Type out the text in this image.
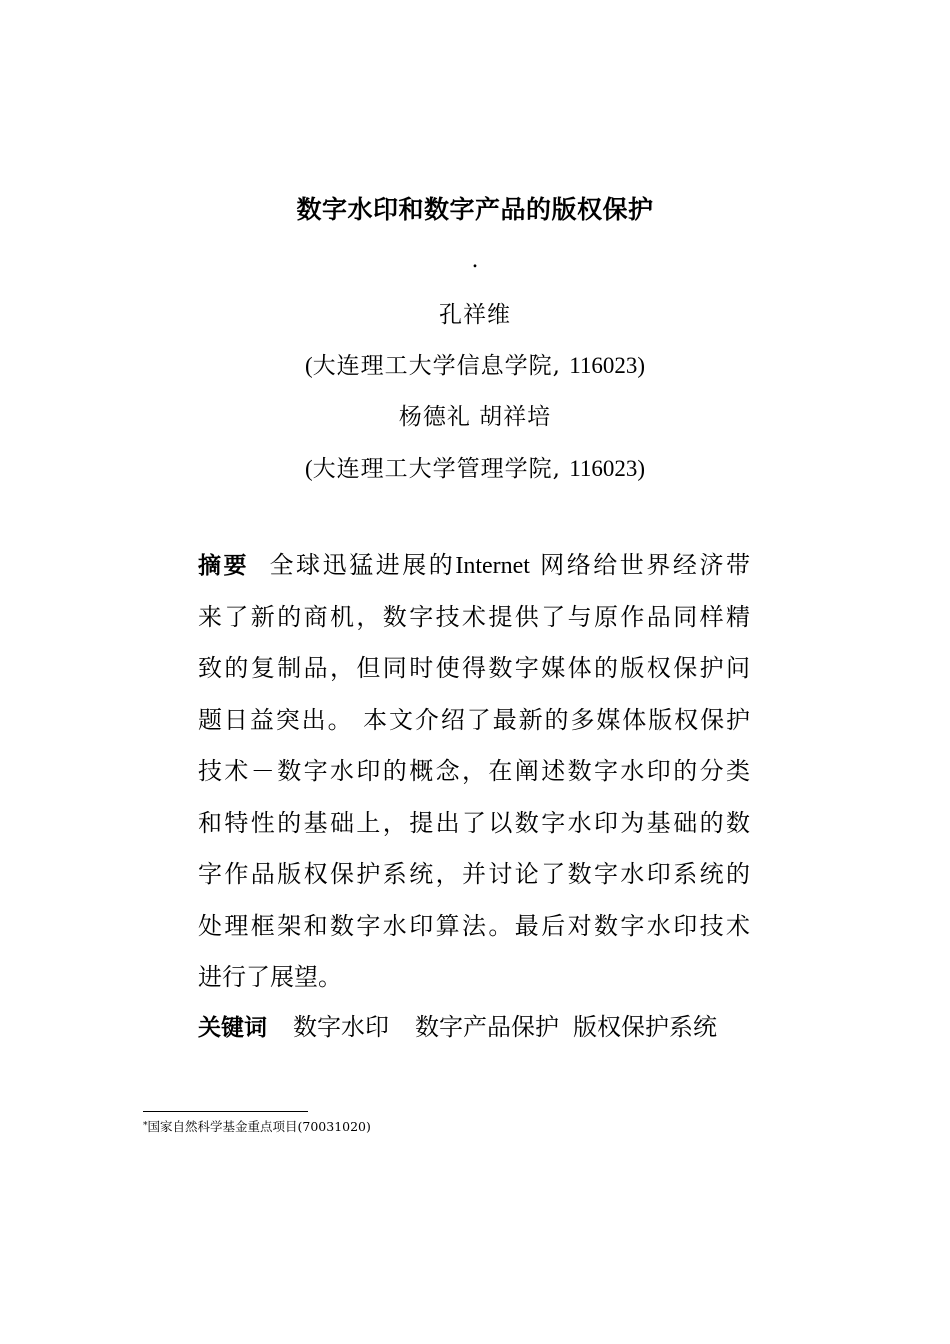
数字水印和数字产品的版权保护
.
孔祥维
(大连理工大学信息学院, 116023)
杨德礼 胡祥培
(大连理工大学管理学院, 116023)
摘要 全球迅猛进展的Internet 网络给世界经济带
来了新的商机，数字技术提供了与原作品同样精
致的复制品，但同时使得数字媒体的版权保护问
题日益突出。 本文介绍了最新的多媒体版权保护
技术－数字水印的概念，在阐述数字水印的分类
和特性的基础上，提出了以数字水印为基础的数
字作品版权保护系统，并讨论了数字水印系统的
处理框架和数字水印算法。最后对数字水印技术
进行了展望。
关键词 数字水印 数字产品保护 版权保护系统
*国家自然科学基金重点项目(70031020)
